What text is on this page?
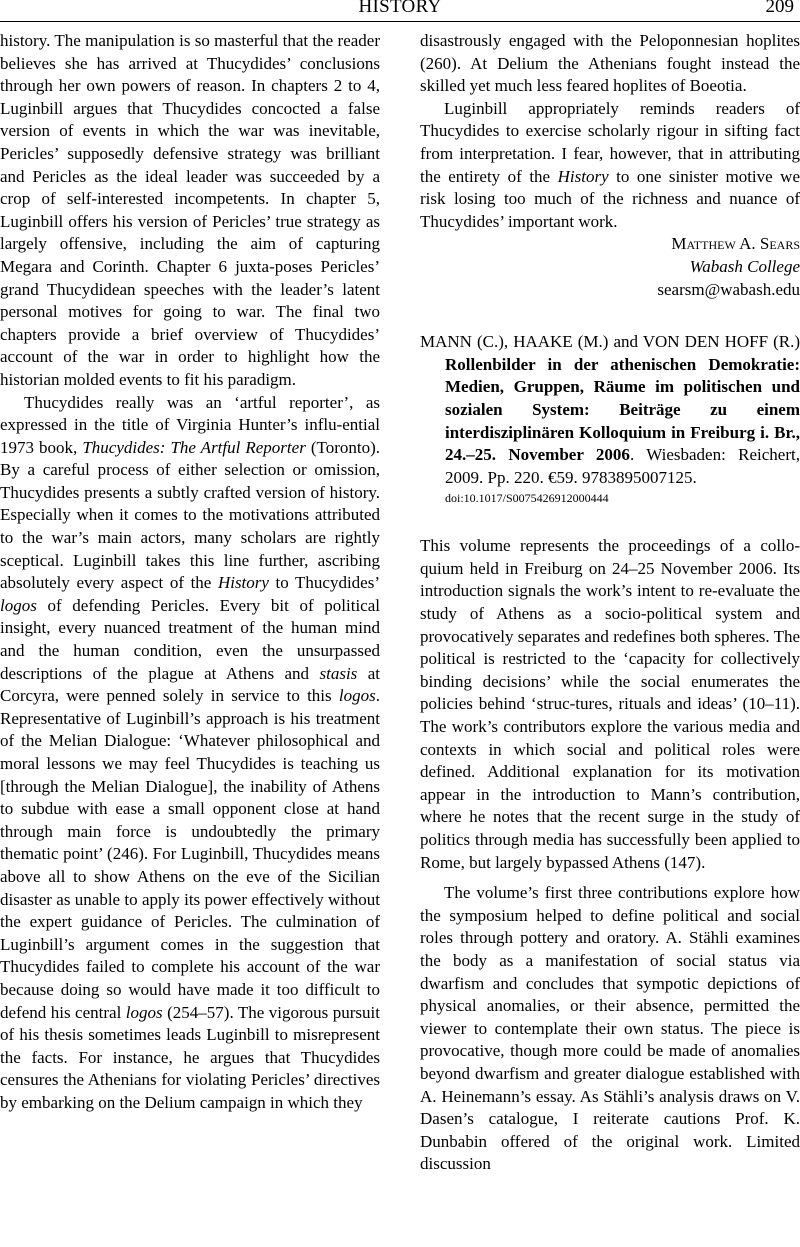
HISTORY	209

history. The manipulation is so masterful that the reader believes she has arrived at Thucydides’ conclusions through her own powers of reason. In chapters 2 to 4, Luginbill argues that Thucydides concocted a false version of events in which the war was inevitable, Pericles’ supposedly defensive strategy was brilliant and Pericles as the ideal leader was succeeded by a crop of self-interested incompetents. In chapter 5, Luginbill offers his version of Pericles’ true strategy as largely offensive, including the aim of capturing Megara and Corinth. Chapter 6 juxta-poses Pericles’ grand Thucydidean speeches with the leader’s latent personal motives for going to war. The final two chapters provide a brief overview of Thucydides’ account of the war in order to highlight how the historian molded events to fit his paradigm.

Thucydides really was an ‘artful reporter’, as expressed in the title of Virginia Hunter’s influ-ential 1973 book, Thucydides: The Artful Reporter (Toronto). By a careful process of either selection or omission, Thucydides presents a subtly crafted version of history. Especially when it comes to the motivations attributed to the war’s main actors, many scholars are rightly sceptical. Luginbill takes this line further, ascribing absolutely every aspect of the History to Thucydides’ logos of defending Pericles. Every bit of political insight, every nuanced treatment of the human mind and the human condition, even the unsurpassed descriptions of the plague at Athens and stasis at Corcyra, were penned solely in service to this logos. Representative of Luginbill’s approach is his treatment of the Melian Dialogue: ‘Whatever philosophical and moral lessons we may feel Thucydides is teaching us [through the Melian Dialogue], the inability of Athens to subdue with ease a small opponent close at hand through main force is undoubtedly the primary thematic point’ (246). For Luginbill, Thucydides means above all to show Athens on the eve of the Sicilian disaster as unable to apply its power effectively without the expert guidance of Pericles. The culmination of Luginbill’s argument comes in the suggestion that Thucydides failed to complete his account of the war because doing so would have made it too difficult to defend his central logos (254–57). The vigorous pursuit of his thesis sometimes leads Luginbill to misrepresent the facts. For instance, he argues that Thucydides censures the Athenians for violating Pericles’ directives by embarking on the Delium campaign in which they

disastrously engaged with the Peloponnesian hoplites (260). At Delium the Athenians fought instead the skilled yet much less feared hoplites of Boeotia.

Luginbill appropriately reminds readers of Thucydides to exercise scholarly rigour in sifting fact from interpretation. I fear, however, that in attributing the entirety of the History to one sinister motive we risk losing too much of the richness and nuance of Thucydides’ important work.

Matthew A. Sears

Wabash College

searsm@wabash.edu

MANN (C.), HAAKE (M.) and VON DEN HOFF (R.) Rollenbilder in der athenischen Demokratie: Medien, Gruppen, Räume im politischen und sozialen System: Beiträge zu einem interdisziplinären Kolloquium in Freiburg i. Br., 24.–25. November 2006. Wiesbaden: Reichert, 2009. Pp. 220. €59. 9783895007125.

doi:10.1017/S0075426912000444

This volume represents the proceedings of a collo-quium held in Freiburg on 24–25 November 2006. Its introduction signals the work’s intent to re-evaluate the study of Athens as a socio-political system and provocatively separates and redefines both spheres. The political is restricted to the ‘capacity for collectively binding decisions’ while the social enumerates the policies behind ‘struc-tures, rituals and ideas’ (10–11). The work’s contributors explore the various media and contexts in which social and political roles were defined. Additional explanation for its motivation appear in the introduction to Mann’s contribution, where he notes that the recent surge in the study of politics through media has successfully been applied to Rome, but largely bypassed Athens (147).

The volume’s first three contributions explore how the symposium helped to define political and social roles through pottery and oratory. A. Stähli examines the body as a manifestation of social status via dwarfism and concludes that sympotic depictions of physical anomalies, or their absence, permitted the viewer to contemplate their own status. The piece is provocative, though more could be made of anomalies beyond dwarfism and greater dialogue established with A. Heinemann’s essay. As Stähli’s analysis draws on V. Dasen’s catalogue, I reiterate cautions Prof. K. Dunbabin offered of the original work. Limited discussion
